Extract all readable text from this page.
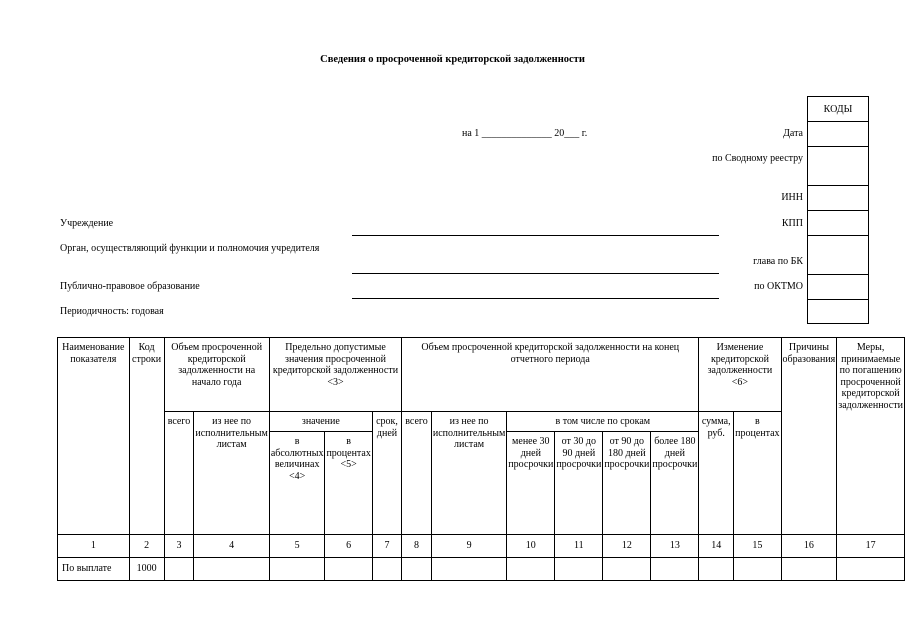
Сведения о просроченной кредиторской задолженности
на 1 ______________ 20___ г.	Дата
по Сводному реестру
ИНН
КПП
глава по БК
по ОКТМО
КОДЫ

Учреждение
Орган, осуществляющий функции и полномочия учредителя
Публично-правовое образование
Периодичность: годовая
Наименование показателя	Код строки	Объем просроченной кредиторской задолженности на начало года		Предельно допустимые значения просроченной кредиторской задолженности <3>			Объем просроченной кредиторской задолженности на конец отчетного периода						Изменение кредиторской задолженности <6>		Причины образования	Меры, принимаемые по погашению просроченной кредиторской задолженности
		всего	из нее по исполнительным листам	значение		срок, дней	всего	из нее по исполнительным листам	в том числе по срокам				сумма, руб.	в процентах		
				в абсолютных величинах <4>	в процентах <5>				менее 30 дней просрочки	от 30 до 90 дней просрочки	от 90 до 180 дней просрочки	более 180 дней просрочки				
1	2	3	4	5	6	7	8	9	10	11	12	13	14	15	16	17
По выплате	1000															
